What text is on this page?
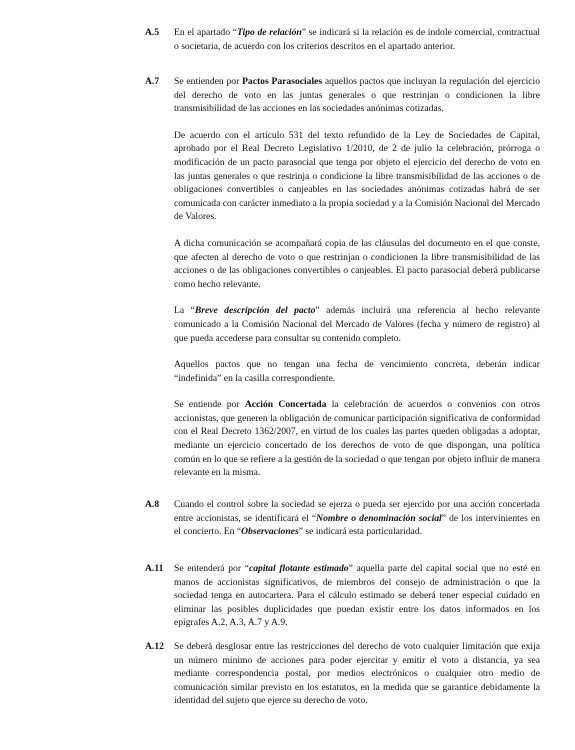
A.5	En el apartado “Tipo de relación” se indicará si la relación es de índole comercial, contractual o societaria, de acuerdo con los criterios descritos en el apartado anterior.

A.7	Se entienden por Pactos Parasociales aquellos pactos que incluyan la regulación del ejercicio del derecho de voto en las juntas generales o que restrinjan o condicionen la libre transmisibilidad de las acciones en las sociedades anónimas cotizadas.

De acuerdo con el artículo 531 del texto refundido de la Ley de Sociedades de Capital, aprobado por el Real Decreto Legislativo 1/2010, de 2 de julio la celebración, prórroga o modificación de un pacto parasocial que tenga por objeto el ejercicio del derecho de voto en las juntas generales o que restrinja o condicione la libre transmisibilidad de las acciones o de obligaciones convertibles o canjeables en las sociedades anónimas cotizadas habrá de ser comunicada con carácter inmediato a la propia sociedad y a la Comisión Nacional del Mercado de Valores.

A dicha comunicación se acompañará copia de las cláusulas del documento en el que conste, que afecten al derecho de voto o que restrinjan o condicionen la libre transmisibilidad de las acciones o de las obligaciones convertibles o canjeables. El pacto parasocial deberá publicarse como hecho relevante.

La “Breve descripción del pacto” además incluirá una referencia al hecho relevante comunicado a la Comisión Nacional del Mercado de Valores (fecha y número de registro) al que pueda accederse para consultar su contenido completo.

Aquellos pactos que no tengan una fecha de vencimiento concreta, deberán indicar “indefinida” en la casilla correspondiente.

Se entiende por Acción Concertada la celebración de acuerdos o convenios con otros accionistas, que generen la obligación de comunicar participación significativa de conformidad con el Real Decreto 1362/2007, en virtud de los cuales las partes queden obligadas a adoptar, mediante un ejercicio concertado de los derechos de voto de que dispongan, una política común en lo que se refiere a la gestión de la sociedad o que tengan por objeto influir de manera relevante en la misma.

A.8	Cuando el control sobre la sociedad se ejerza o pueda ser ejercido por una acción concertada entre accionistas, se identificará el “Nombre o denominación social” de los intervinientes en el concierto. En “Observaciones” se indicará esta particularidad.

A.11	Se entenderá por “capital flotante estimado” aquella parte del capital social que no esté en manos de accionistas significativos, de miembros del consejo de administración o que la sociedad tenga en autocartera. Para el cálculo estimado se deberá tener especial cuidado en eliminar las posibles duplicidades que puedan existir entre los datos informados en los epígrafes A.2, A.3, A.7 y A.9.

A.12	Se deberá desglosar entre las restricciones del derecho de voto cualquier limitación que exija un número mínimo de acciones para poder ejercitar y emitir el voto a distancia, ya sea mediante correspondencia postal, por medios electrónicos o cualquier otro medio de comunicación similar previsto en los estatutos, en la medida que se garantice debidamente la identidad del sujeto que ejerce su derecho de voto.
